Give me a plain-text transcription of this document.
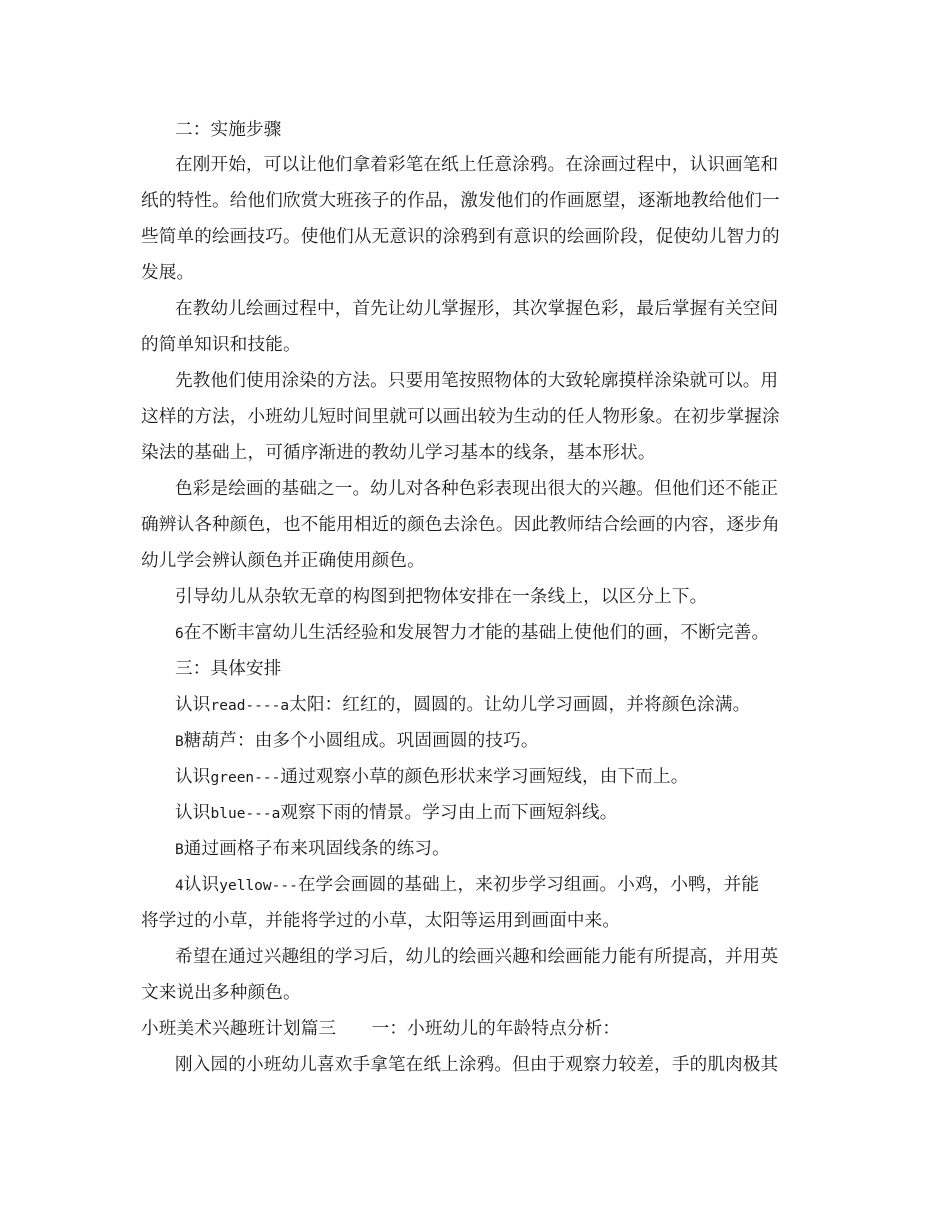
二：实施步骤
在刚开始，可以让他们拿着彩笔在纸上任意涂鸦。在涂画过程中，认识画笔和
纸的特性。给他们欣赏大班孩子的作品，激发他们的作画愿望，逐渐地教给他们一
些简单的绘画技巧。使他们从无意识的涂鸦到有意识的绘画阶段，促使幼儿智力的
发展。
在教幼儿绘画过程中，首先让幼儿掌握形，其次掌握色彩，最后掌握有关空间
的简单知识和技能。
先教他们使用涂染的方法。只要用笔按照物体的大致轮廓摸样涂染就可以。用
这样的方法，小班幼儿短时间里就可以画出较为生动的任人物形象。在初步掌握涂
染法的基础上，可循序渐进的教幼儿学习基本的线条，基本形状。
色彩是绘画的基础之一。幼儿对各种色彩表现出很大的兴趣。但他们还不能正
确辨认各种颜色，也不能用相近的颜色去涂色。因此教师结合绘画的内容，逐步角
幼儿学会辨认颜色并正确使用颜色。
引导幼儿从杂软无章的构图到把物体安排在一条线上，以区分上下。
6在不断丰富幼儿生活经验和发展智力才能的基础上使他们的画，不断完善。
三：具体安排
认识read----a太阳：红红的，圆圆的。让幼儿学习画圆，并将颜色涂满。
B糖葫芦：由多个小圆组成。巩固画圆的技巧。
认识green---通过观察小草的颜色形状来学习画短线，由下而上。
认识blue---a观察下雨的情景。学习由上而下画短斜线。
B通过画格子布来巩固线条的练习。
4认识yellow---在学会画圆的基础上，来初步学习组画。小鸡，小鸭，并能
将学过的小草，并能将学过的小草，太阳等运用到画面中来。
希望在通过兴趣组的学习后，幼儿的绘画兴趣和绘画能力能有所提高，并用英
文来说出多种颜色。
小班美术兴趣班计划篇三　　一：小班幼儿的年龄特点分析：
刚入园的小班幼儿喜欢手拿笔在纸上涂鸦。但由于观察力较差，手的肌肉极其
